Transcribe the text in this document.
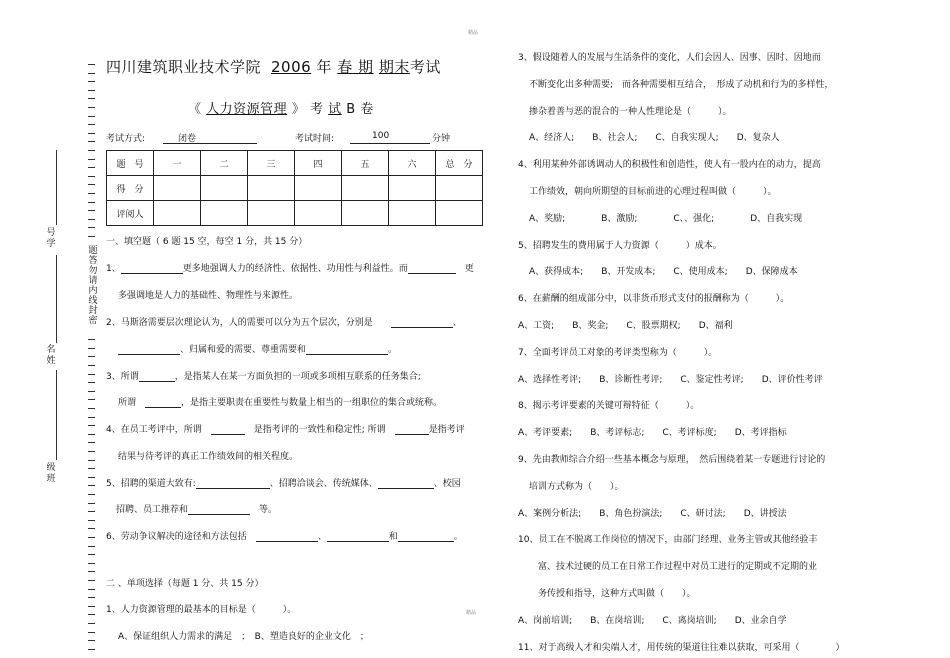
四川建筑职业技术学院 2006 年 春 期 期末考试
《 人力资源管理 》 考 试 B 卷
考试方式:	闭卷	考试时间:	100	分钟
精品
号学
名姓
级班
题答勿请内线封密
题　号	一	二	三	四	五	六	总　分
得　分							
评阅人							
一、填空题（ 6 题 15 空，每空 1 分，共 15 分）
1、	更多地强调人力的经济性、依据性、功用性与利益性。而　	更
多强调地是人力的基础性、物理性与来源性。
2、马斯洛需要层次理论认为，人的需要可以分为五个层次，分别是　　	、
、归属和爱的需要、尊重需要和	。
3、所谓	，是指某人在某一方面负担的一项或多项相互联系的任务集合;
所谓　	，是指主要职责在重要性与数量上相当的一组职位的集合或统称。
4、在员工考评中，所谓　　	是指考评的一致性和稳定性; 所谓　	是指考评
结果与待考评的真正工作绩效间的相关程度。
5、招聘的渠道大致有:	、招聘洽谈会、传统媒体、	、校园
招聘、员工推荐和　	等。
6、劳动争议解决的途径和方法包括　	、	和	。
二 、单项选择（每题 1 分、共 15 分）
1、人力资源管理的最基本的目标是（　　　）。
A、保证组织人力需求的满足　；　B、塑造良好的企业文化　；
精品
3、假设随着人的发展与生活条件的变化，人们会因人、因事、因时、因地而
不断变化出多种需要;　而各种需要相互结合，　形成了动机和行为的多样性，
掺杂着善与恶的混合的一种人性理论是（　　　）。
A、经济人;　　B、社会人;　　C、自我实现人;　　D、复杂人
4、利用某种外部诱调动人的积极性和创造性，使人有一股内在的动力，提高
工作绩效，朝向所期望的目标前进的心理过程叫做（　　　）。
A、奖励;　　　　B、激励;　　　　C、、强化;　　　　D、自我实现
5、招聘发生的费用属于人力资源（　　　）成本。
A、获得成本;　　B、开发成本;　　C、使用成本;　　D、保障成本
6、在薪酬的组成部分中，以非货币形式支付的报酬称为（　　　）。
A、工资;　　B、奖金;　　C、股票期权;　　D、福利
7、全面考评员工对象的考评类型称为（　　　）。
A、选择性考评;　　B、诊断性考评;　　C、鉴定性考评;　　D、评价性考评
8、揭示考评要素的关键可辩特征（　　　）。
A、考评要素;　　B、考评标志;　　C、考评标度;　　D、考评指标
9、先由教师综合介绍一些基本概念与原理，　然后围绕着某一专题进行讨论的
培训方式称为（　　）。
A、案例分析法;　　B、角色扮演法;　　C、研讨法;　　D、讲授法
10、员工在不脱离工作岗位的情况下，由部门经理、业务主管或其他经验丰
富、技术过硬的员工在日常工作过程中对员工进行的定期或不定期的业
务传授和指导，这种方式叫做（　　）。
A、岗前培训;　　B、在岗培训;　　C、离岗培训;　　D、业余自学
11、对于高级人才和尖端人才，用传统的渠道往往难以获取，可采用（　　　　）
